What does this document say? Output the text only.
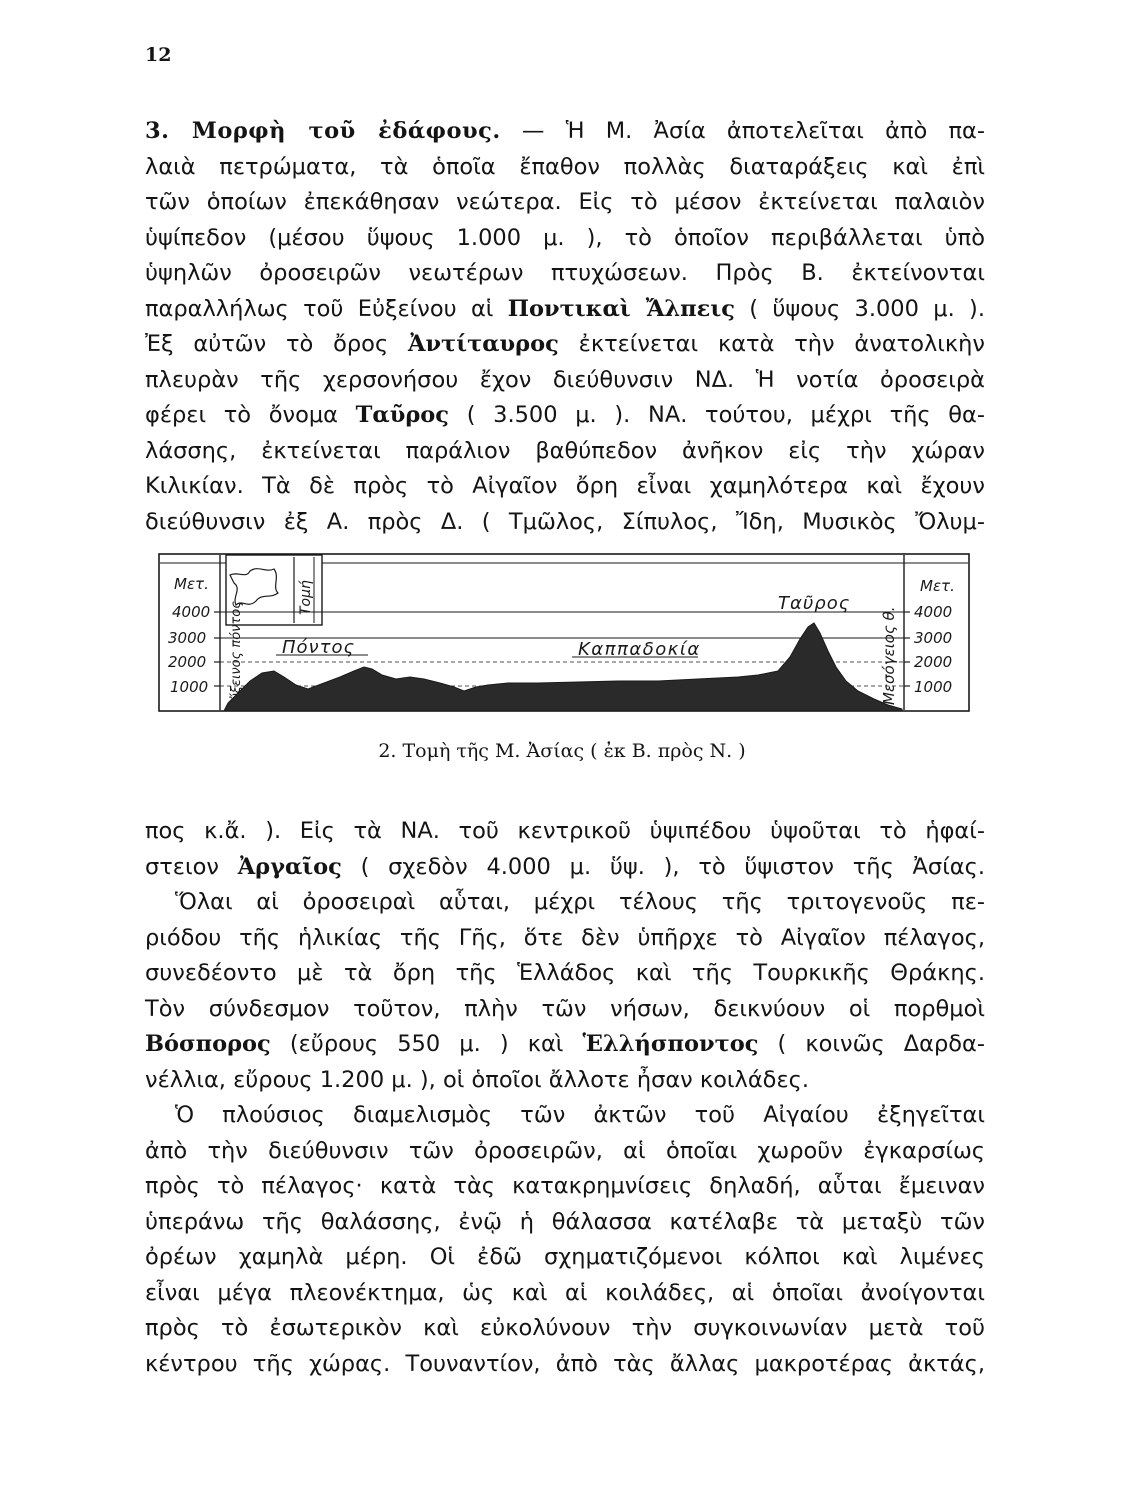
12
3. Μορφὴ τοῦ ἐδάφους. — Ἡ Μ. Ἀσία ἀποτελεῖται ἀπὸ πα-
λαιὰ πετρώματα, τὰ ὁποῖα ἔπαθον πολλὰς διαταράξεις καὶ ἐπὶ
τῶν ὁποίων ἐπεκάθησαν νεώτερα. Εἰς τὸ μέσον ἐκτείνεται παλαιὸν
ὑψίπεδον (μέσου ὕψους 1.000 μ. ), τὸ ὁποῖον περιβάλλεται ὑπὸ
ὑψηλῶν ὀροσειρῶν νεωτέρων πτυχώσεων. Πρὸς Β. ἐκτείνονται
παραλλήλως τοῦ Εὐξείνου αἱ Ποντικαὶ Ἄλπεις ( ὕψους 3.000 μ. ).
Ἐξ αὐτῶν τὸ ὄρος Ἀντίταυρος ἐκτείνεται κατὰ τὴν ἀνατολικὴν
πλευρὰν τῆς χερσονήσου ἔχον διεύθυνσιν ΝΔ. Ἡ νοτία ὀροσειρὰ
φέρει τὸ ὄνομα Ταῦρος ( 3.500 μ. ). ΝΑ. τούτου, μέχρι τῆς θα-
λάσσης, ἐκτείνεται παράλιον βαθύπεδον ἀνῆκον εἰς τὴν χώραν
Κιλικίαν. Τὰ δὲ πρὸς τὸ Αἰγαῖον ὄρη εἶναι χαμηλότερα καὶ ἔχουν
διεύθυνσιν ἐξ Α. πρὸς Δ. ( Τμῶλος, Σίπυλος, Ἴδη, Μυσικὸς Ὄλυμ-
Τομή
Μετ.	Μετ.
4000
3000
2000
1000
4000
3000
2000
1000
Εὔξεινος πόντος	Μεσόγειος θ.
Πόντος	Καππαδοκία
Ταῦρος
2. Τομὴ τῆς Μ. Ἀσίας ( ἐκ Β. πρὸς Ν. )
πος κ.ἄ. ). Εἰς τὰ ΝΑ. τοῦ κεντρικοῦ ὑψιπέδου ὑψοῦται τὸ ἡφαί-
στειον Ἀργαῖος ( σχεδὸν 4.000 μ. ὕψ. ), τὸ ὕψιστον τῆς Ἀσίας.
Ὅλαι αἱ ὀροσειραὶ αὗται, μέχρι τέλους τῆς τριτογενοῦς πε-
ριόδου τῆς ἡλικίας τῆς Γῆς, ὅτε δὲν ὑπῆρχε τὸ Αἰγαῖον πέλαγος,
συνεδέοντο μὲ τὰ ὄρη τῆς Ἑλλάδος καὶ τῆς Τουρκικῆς Θράκης.
Τὸν σύνδεσμον τοῦτον, πλὴν τῶν νήσων, δεικνύουν οἱ πορθμοὶ
Βόσπορος (εὔρους 550 μ. ) καὶ Ἑλλήσποντος ( κοινῶς Δαρδα-
νέλλια, εὔρους 1.200 μ. ), οἱ ὁποῖοι ἄλλοτε ἦσαν κοιλάδες.
Ὁ πλούσιος διαμελισμὸς τῶν ἀκτῶν τοῦ Αἰγαίου ἐξηγεῖται
ἀπὸ τὴν διεύθυνσιν τῶν ὀροσειρῶν, αἱ ὁποῖαι χωροῦν ἐγκαρσίως
πρὸς τὸ πέλαγος· κατὰ τὰς κατακρημνίσεις δηλαδή, αὗται ἔμειναν
ὑπεράνω τῆς θαλάσσης, ἐνῷ ἡ θάλασσα κατέλαβε τὰ μεταξὺ τῶν
ὀρέων χαμηλὰ μέρη. Οἱ ἐδῶ σχηματιζόμενοι κόλποι καὶ λιμένες
εἶναι μέγα πλεονέκτημα, ὡς καὶ αἱ κοιλάδες, αἱ ὁποῖαι ἀνοίγονται
πρὸς τὸ ἐσωτερικὸν καὶ εὐκολύνουν τὴν συγκοινωνίαν μετὰ τοῦ
κέντρου τῆς χώρας. Τουναντίον, ἀπὸ τὰς ἄλλας μακροτέρας ἀκτάς,
